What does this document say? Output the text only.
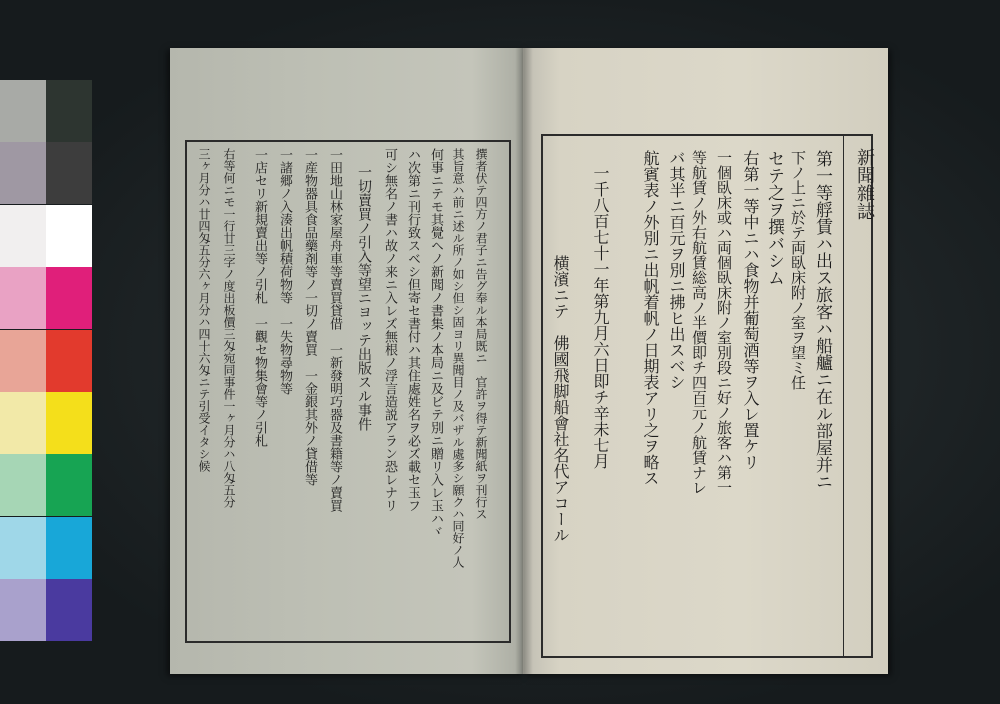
新聞雜誌
第一等艀賃ハ出ス旅客ハ船艫ニ在ル部屋并ニ
下ノ上ニ於テ両臥床附ノ室ヲ望ミ任
セテ之ヲ撰バシム
右第一等中ニハ食物并葡萄酒等ヲ入レ置ケリ
一個臥床或ハ両個臥床附ノ室別段ニ好ノ旅客ハ第一
等航賃ノ外右航賃総高ノ半價即チ四百元ノ航賃ナレ
バ其半ニ百元ヲ別ニ拂ヒ出スベシ
航賓表ノ外別ニ出帆着帆ノ日期表アリ之ヲ略ス
一千八百七十一年第九月六日即チ辛未七月
横濱ニテ　佛國飛脚船會社名代アコール
撰者伏テ四方ノ君子ニ告グ奉ル本局既ニ　官許ヲ得テ新聞紙ヲ刊行ス
其旨意ハ前ニ述ル所ノ如シ但シ固ヨリ異聞目ノ及バザル處多シ願クハ同好ノ人
何事ニテモ其覺ヘノ新聞ノ書集ノ本局ニ及ビテ別ニ贈リ入レ玉ハヾ
ハ次第ニ刊行致スベシ但寄セ書付ハ其住處姓名ヲ必ズ載セ玉フ
可シ無名ノ書ハ故ノ来ニ入レズ無根ノ浮言造説アラン恐レナリ
一切賣買ノ引入等望ニヨッテ出版スル事件
一田地山林家屋舟車等賣買貸借　一新發明巧器及書籍等ノ賣買
一産物器具食品藥剤等ノ一切ノ賣買　一金銀其外ノ貸借等
一諸郷ノ入湊出帆積荷物等　一失物尋物等
一店セリ新規賣出等ノ引札　一觀セ物集會等ノ引札
右等何ニモ一行廿三字ノ度出板價三匁宛同事件一ヶ月分ハ八匁五分
三ヶ月分ハ廿四匁五分六ヶ月分ハ四十六匁ニテ引受イタシ候
